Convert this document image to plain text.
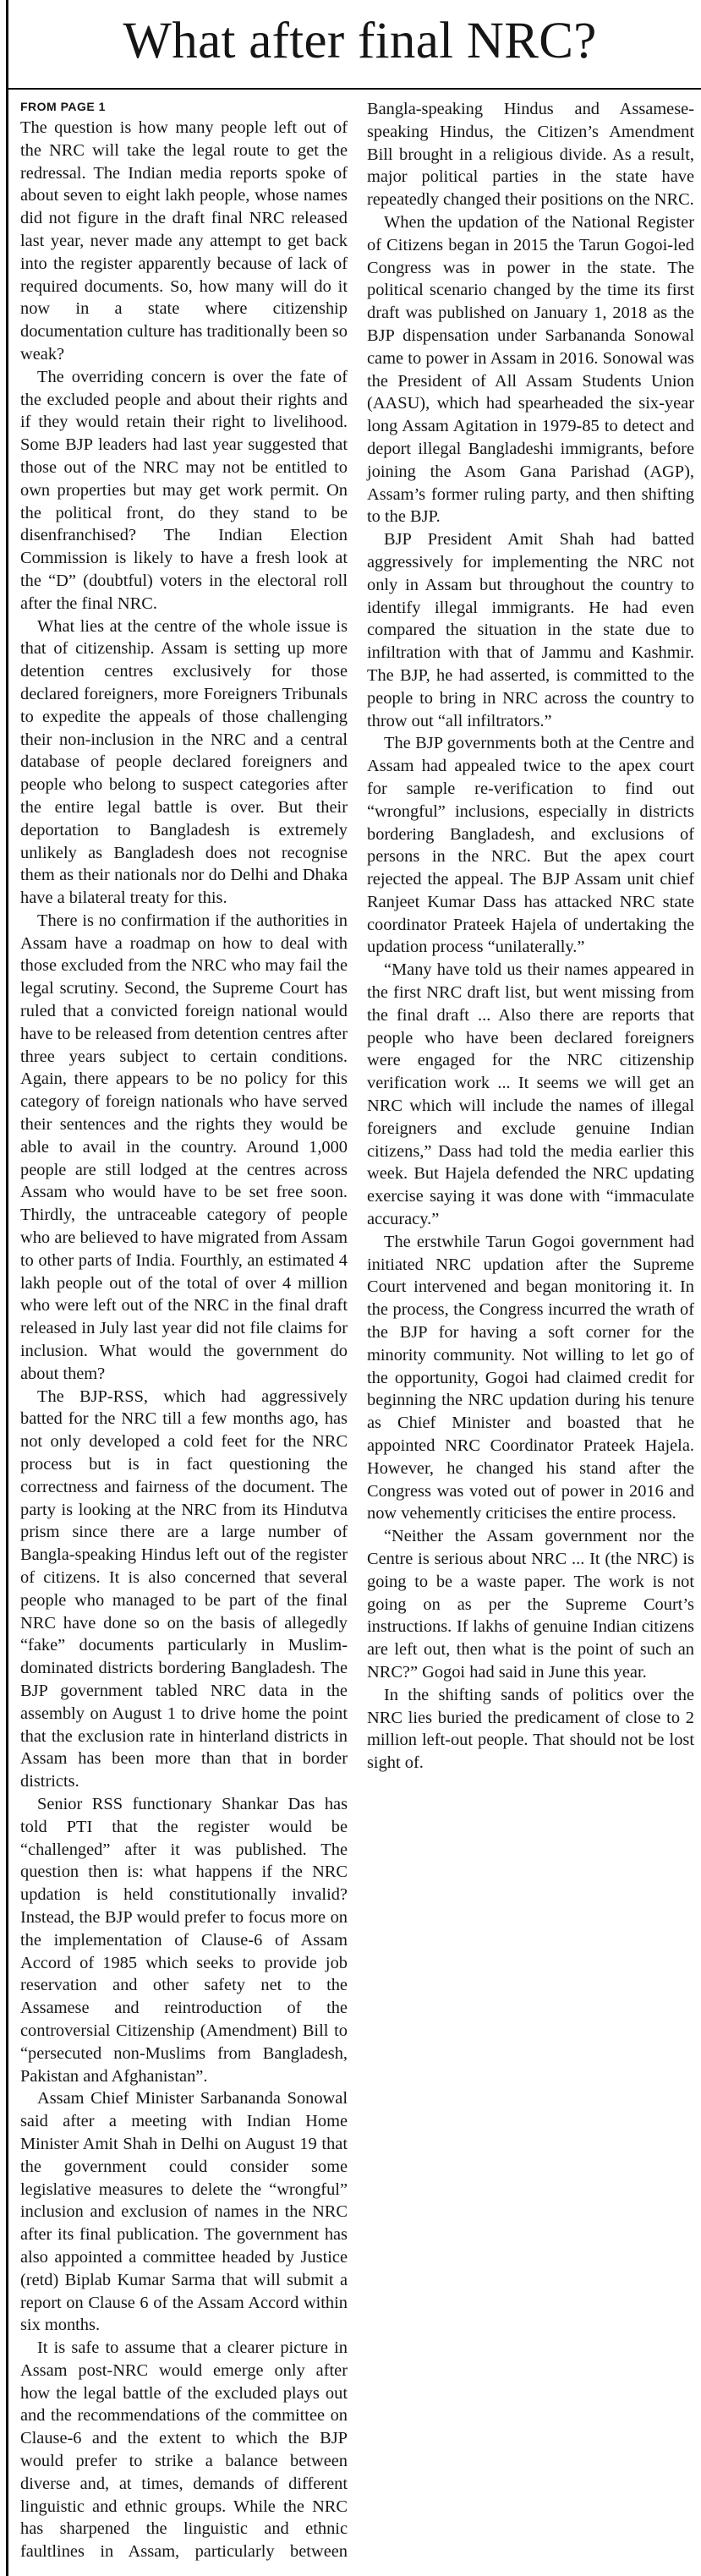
What after final NRC?

FROM PAGE 1
The question is how many people left out of the NRC will take the legal route to get the redressal. The Indian media reports spoke of about seven to eight lakh people, whose names did not figure in the draft final NRC released last year, never made any attempt to get back into the register apparently because of lack of required documents. So, how many will do it now in a state where citizenship documentation culture has traditionally been so weak?

The overriding concern is over the fate of the excluded people and about their rights and if they would retain their right to livelihood. Some BJP leaders had last year suggested that those out of the NRC may not be entitled to own properties but may get work permit. On the political front, do they stand to be disenfranchised? The Indian Election Commission is likely to have a fresh look at the “D” (doubtful) voters in the electoral roll after the final NRC.

What lies at the centre of the whole issue is that of citizenship. Assam is setting up more detention centres exclusively for those declared foreigners, more Foreigners Tribunals to expedite the appeals of those challenging their non-inclusion in the NRC and a central database of people declared foreigners and people who belong to suspect categories after the entire legal battle is over. But their deportation to Bangladesh is extremely unlikely as Bangladesh does not recognise them as their nationals nor do Delhi and Dhaka have a bilateral treaty for this.

There is no confirmation if the authorities in Assam have a roadmap on how to deal with those excluded from the NRC who may fail the legal scrutiny. Second, the Supreme Court has ruled that a convicted foreign national would have to be released from detention centres after three years subject to certain conditions. Again, there appears to be no policy for this category of foreign nationals who have served their sentences and the rights they would be able to avail in the country. Around 1,000 people are still lodged at the centres across Assam who would have to be set free soon. Thirdly, the untraceable category of people who are believed to have migrated from Assam to other parts of India. Fourthly, an estimated 4 lakh people out of the total of over 4 million who were left out of the NRC in the final draft released in July last year did not file claims for inclusion. What would the government do about them?

The BJP-RSS, which had aggressively batted for the NRC till a few months ago, has not only developed a cold feet for the NRC process but is in fact questioning the correctness and fairness of the document. The party is looking at the NRC from its Hindutva prism since there are a large number of Bangla-speaking Hindus left out of the register of citizens. It is also concerned that several people who managed to be part of the final NRC have done so on the basis of allegedly “fake” documents particularly in Muslim-dominated districts bordering Bangladesh. The BJP government tabled NRC data in the assembly on August 1 to drive home the point that the exclusion rate in hinterland districts in Assam has been more than that in border districts.

Senior RSS functionary Shankar Das has told PTI that the register would be “challenged” after it was published. The question then is: what happens if the NRC updation is held constitutionally invalid? Instead, the BJP would prefer to focus more on the implementation of Clause-6 of Assam Accord of 1985 which seeks to provide job reservation and other safety net to the Assamese and reintroduction of the controversial Citizenship (Amendment) Bill to “persecuted non-Muslims from Bangladesh, Pakistan and Afghanistan”.

Assam Chief Minister Sarbananda Sonowal said after a meeting with Indian Home Minister Amit Shah in Delhi on August 19 that the government could consider some legislative measures to delete the “wrongful” inclusion and exclusion of names in the NRC after its final publication. The government has also appointed a committee headed by Justice (retd) Biplab Kumar Sarma that will submit a report on Clause 6 of the Assam Accord within six months.

It is safe to assume that a clearer picture in Assam post-NRC would emerge only after how the legal battle of the excluded plays out and the recommendations of the committee on Clause-6 and the extent to which the BJP would prefer to strike a balance between diverse and, at times, demands of different linguistic and ethnic groups. While the NRC has sharpened the linguistic and ethnic faultlines in Assam, particularly between Bangla-speaking Hindus and Assamese-speaking Hindus, the Citizen’s Amendment Bill brought in a religious divide. As a result, major political parties in the state have repeatedly changed their positions on the NRC.

When the updation of the National Register of Citizens began in 2015 the Tarun Gogoi-led Congress was in power in the state. The political scenario changed by the time its first draft was published on January 1, 2018 as the BJP dispensation under Sarbananda Sonowal came to power in Assam in 2016. Sonowal was the President of All Assam Students Union (AASU), which had spearheaded the six-year long Assam Agitation in 1979-85 to detect and deport illegal Bangladeshi immigrants, before joining the Asom Gana Parishad (AGP), Assam’s former ruling party, and then shifting to the BJP.

BJP President Amit Shah had batted aggressively for implementing the NRC not only in Assam but throughout the country to identify illegal immigrants. He had even compared the situation in the state due to infiltration with that of Jammu and Kashmir. The BJP, he had asserted, is committed to the people to bring in NRC across the country to throw out “all infiltrators.”

The BJP governments both at the Centre and Assam had appealed twice to the apex court for sample re-verification to find out “wrongful” inclusions, especially in districts bordering Bangladesh, and exclusions of persons in the NRC. But the apex court rejected the appeal. The BJP Assam unit chief Ranjeet Kumar Dass has attacked NRC state coordinator Prateek Hajela of undertaking the updation process “unilaterally.”

“Many have told us their names appeared in the first NRC draft list, but went missing from the final draft ... Also there are reports that people who have been declared foreigners were engaged for the NRC citizenship verification work ... It seems we will get an NRC which will include the names of illegal foreigners and exclude genuine Indian citizens,” Dass had told the media earlier this week. But Hajela defended the NRC updating exercise saying it was done with “immaculate accuracy.”

The erstwhile Tarun Gogoi government had initiated NRC updation after the Supreme Court intervened and began monitoring it. In the process, the Congress incurred the wrath of the BJP for having a soft corner for the minority community. Not willing to let go of the opportunity, Gogoi had claimed credit for beginning the NRC updation during his tenure as Chief Minister and boasted that he appointed NRC Coordinator Prateek Hajela. However, he changed his stand after the Congress was voted out of power in 2016 and now vehemently criticises the entire process.

“Neither the Assam government nor the Centre is serious about NRC ... It (the NRC) is going to be a waste paper. The work is not going on as per the Supreme Court’s instructions. If lakhs of genuine Indian citizens are left out, then what is the point of such an NRC?” Gogoi had said in June this year.

In the shifting sands of politics over the NRC lies buried the predicament of close to 2 million left-out people. That should not be lost sight of.
